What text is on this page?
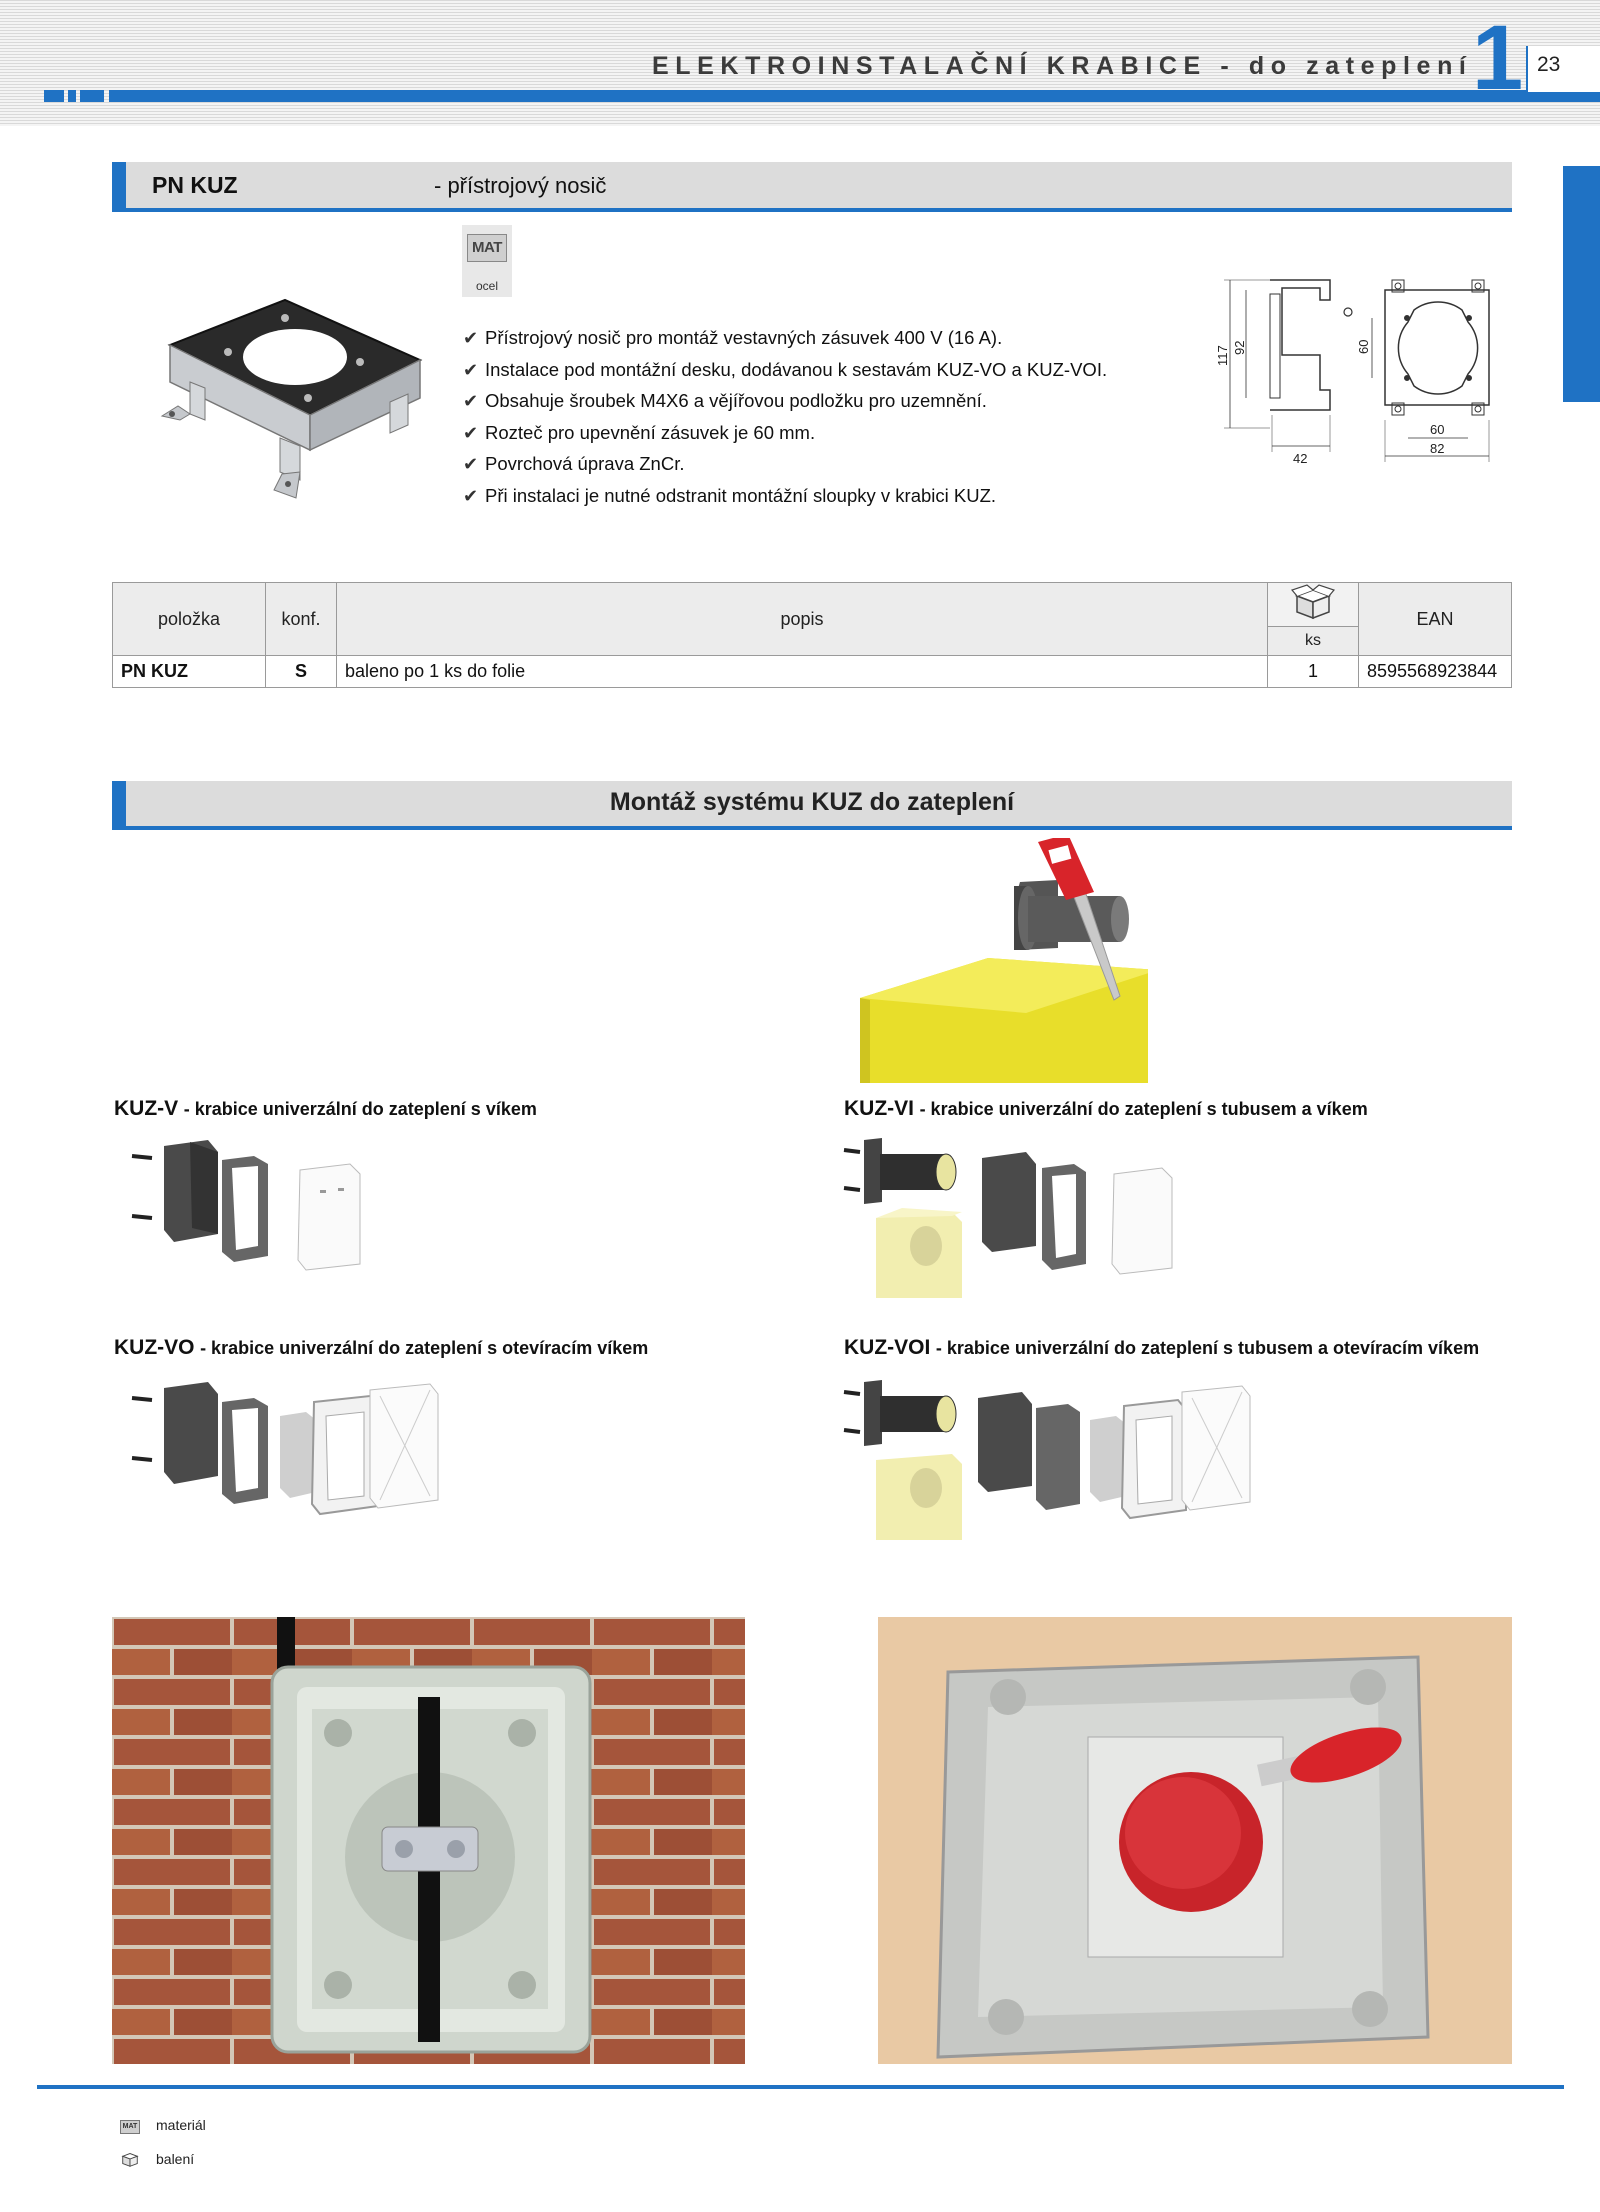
ELEKTROINSTALAČNÍ KRABICE - do zateplení 1 23
PN KUZ	- přístrojový nosič
MAT
ocel
✔ Přístrojový nosič pro montáž vestavných zásuvek 400 V (16 A).
✔ Instalace pod montážní desku, dodávanou k sestavám KUZ-VO a KUZ-VOI.
✔ Obsahuje šroubek M4X6 a vějířovou podložku pro uzemnění.
✔ Rozteč pro upevnění zásuvek je 60 mm.
✔ Povrchová úprava ZnCr.
✔ Při instalaci je nutné odstranit montážní sloupky v krabici KUZ.
117 92
42
60
60
82
položka	konf.	popis		EAN
			ks	
PN KUZ	S	baleno po 1 ks do folie	1	8595568923844
Montáž systému KUZ do zateplení
KUZ-V - krabice univerzální do zateplení s víkem	KUZ-VI - krabice univerzální do zateplení s tubusem a víkem
KUZ-VO - krabice univerzální do zateplení s otevíracím víkem	KUZ-VOI - krabice univerzální do zateplení s tubusem a otevíracím víkem
MAT materiál
balení
